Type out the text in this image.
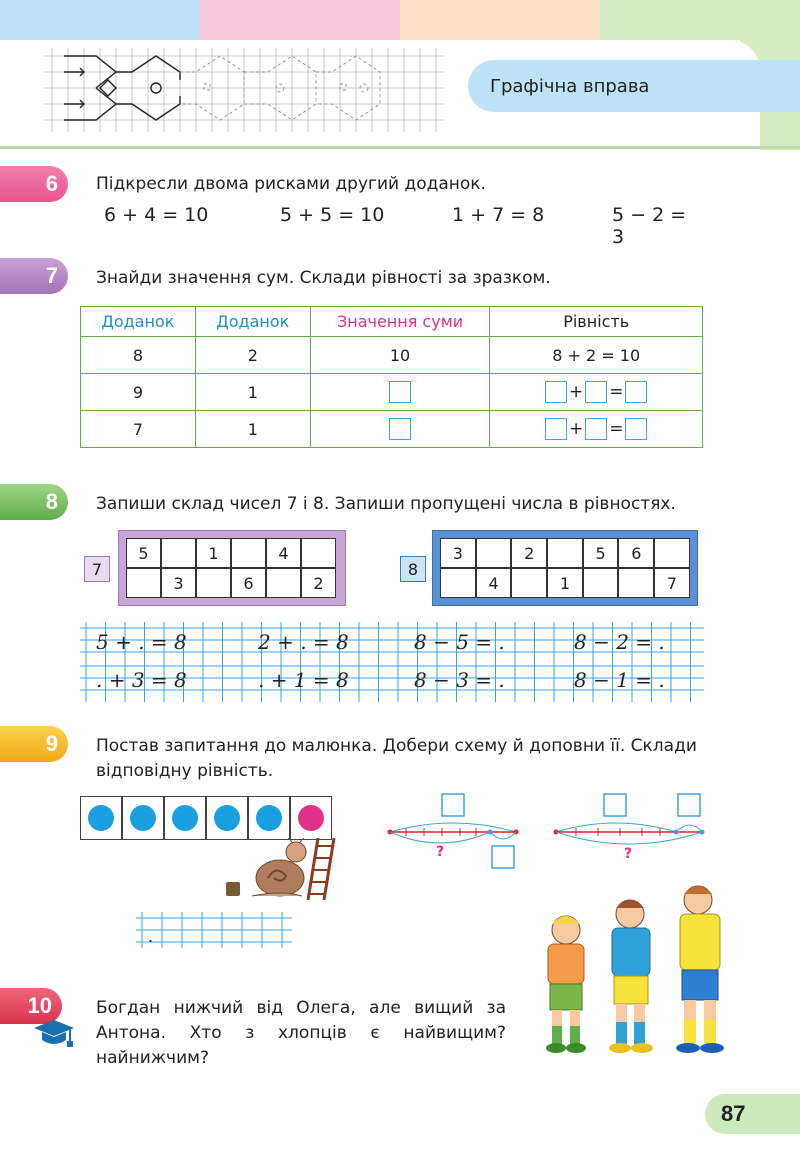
Графічна вправа
6	Підкресли двома рисками другий доданок.
6 + 4 = 10	5 + 5 = 10	1 + 7 = 8	5 − 2 = 3
7	Знайди значення сум. Склади рівності за зразком.
Доданок	Доданок	Значення суми	Рівність
8	2	10	8 + 2 = 10
9	1		+ =
7	1		+ =
8	Запиши склад чисел 7 і 8. Запиши пропущені числа в рівностях.
7
5	1	4
3	6	2
8
3	2	5	6
4	1	7
5 + . = 8	2 + . = 8	8 − 5 = .	8 − 2 = .
. + 3 = 8	. + 1 = 8	8 − 3 = .	8 − 1 = .
9	Постав запитання до малюнка. Добери схему й доповни її. Склади відповідну рівність.
?	?
.
10	Богдан нижчий від Олега, але вищий за Антона. Хто з хлопців є найвищим? найнижчим?
87
